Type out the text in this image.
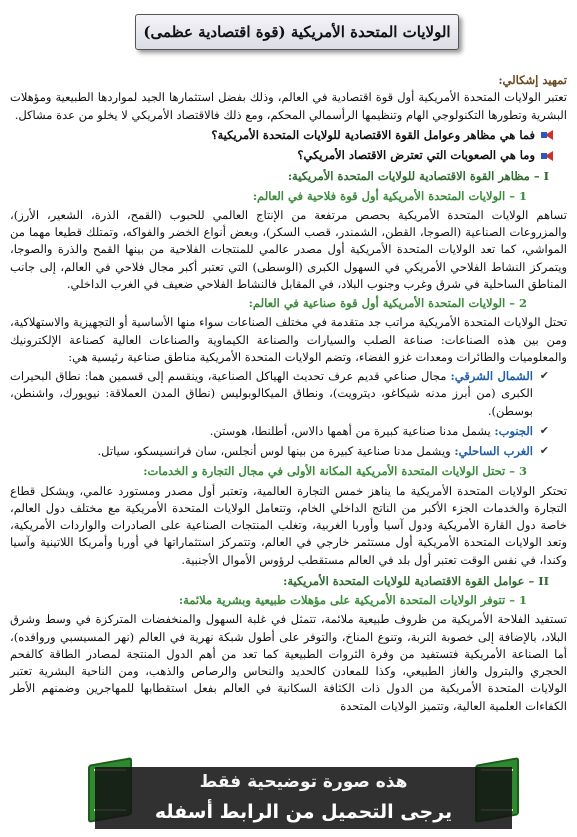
الولايات المتحدة الأمريكية (قوة اقتصادية عظمى)
تمهيد إشكالي:

تعتبر الولايات المتحدة الأمريكية أول قوة اقتصادية في العالم، وذلك بفضل استثمارها الجيد لمواردها الطبيعية ومؤهلات البشرية وتطورها التكنولوجي الهام وتنظيمها الرأسمالي المحكم، ومع ذلك فالاقتصاد الأمريكي لا يخلو من عدة مشاكل.

فما هي مظاهر وعوامل القوة الاقتصادية للولايات المتحدة الأمريكية؟
وما هي الصعوبات التي تعترض الاقتصاد الأمريكي؟
I – مظاهر القوة الاقتصادية للولايات المتحدة الأمريكية:
1 – الولايات المتحدة الأمريكية أول قوة فلاحية في العالم:

تساهم الولايات المتحدة الأمريكية بحصص مرتفعة من الإنتاج العالمي للحبوب (القمح، الذرة، الشعير، الأرز)، والمزروعات الصناعية (الصوجا، القطن، الشمندر، قصب السكر)، وبعض أنواع الخضر والفواكه، وتمتلك قطيعا مهما من المواشي، كما تعد الولايات المتحدة الأمريكية أول مصدر عالمي للمنتجات الفلاحية من بينها القمح والذرة والصوجا، ويتمركز النشاط الفلاحي الأمريكي في السهول الكبرى (الوسطى) التي تعتبر أكبر مجال فلاحي في العالم، إلى جانب المناطق الساحلية في شرق وغرب وجنوب البلاد، في المقابل فالنشاط الفلاحي ضعيف في الغرب الداخلي.

2 – الولايات المتحدة الأمريكية أول قوة صناعية في العالم:

تحتل الولايات المتحدة الأمريكية مراتب جد متقدمة في مختلف الصناعات سواء منها الأساسية أو التجهيزية والاستهلاكية، ومن بين هذه الصناعات: صناعة الصلب والسيارات والصناعة الكيماوية والصناعات العالية كصناعة الإلكترونيك والمعلوميات والطائرات ومعدات غزو الفضاء، وتضم الولايات المتحدة الأمريكية مناطق صناعية رئيسية هي:

✔
الشمال الشرقي: مجال صناعي قديم عرف تحديث الهياكل الصناعية، وينقسم إلى قسمين هما: نطاق البحيرات الكبرى (من أبرز مدنه شيكاغو، ديترويت)، ونطاق الميكالوبوليس (نطاق المدن العملاقة: نيويورك، واشنطن، بوسطن).
✔
الجنوب: يشمل مدنا صناعية كبيرة من أهمها دالاس، أطلنطا، هوستن.
✔
الغرب الساحلي: ويشمل مدنا صناعية كبيرة من بينها لوس أنجلس، سان فرانسيسكو، سياتل.
3 – تحتل الولايات المتحدة الأمريكية المكانة الأولى في مجال التجارة و الخدمات:

تحتكر الولايات المتحدة الأمريكية ما يناهز خمس التجارة العالمية، وتعتبر أول مصدر ومستورد عالمي، ويشكل قطاع التجارة والخدمات الجزء الأكبر من الناتج الداخلي الخام، وتتعامل الولايات المتحدة الأمريكية مع مختلف دول العالم، خاصة دول القارة الأمريكية ودول آسيا وأوربا الغربية، وتغلب المنتجات الصناعية على الصادرات والواردات الأمريكية، وتعد الولايات المتحدة الأمريكية أول مستثمر خارجي في العالم، وتتمركز استثماراتها في أوربا وأمريكا اللاتينية وآسيا وكندا، في نفس الوقت تعتبر أول بلد في العالم مستقطب لرؤوس الأموال الأجنبية.

II – عوامل القوة الاقتصادية للولايات المتحدة الأمريكية:
1 – تتوفر الولايات المتحدة الأمريكية على مؤهلات طبيعية وبشرية ملائمة:

تستفيد الفلاحة الأمريكية من ظروف طبيعية ملائمة، تتمثل في غلبة السهول والمنخفضات المتركزة في وسط وشرق البلاد، بالإضافة إلى خصوبة التربة، وتنوع المناخ، والتوفر على أطول شبكة نهرية في العالم (نهر المسيسبي وروافده)، أما الصناعة الأمريكية فتستفيد من وفرة الثروات الطبيعية كما تعد من أهم الدول المنتجة لمصادر الطاقة كالفحم الحجري والبترول والغاز الطبيعي، وكذا للمعادن كالحديد والنحاس والرصاص والذهب، ومن الناحية البشرية تعتبر الولايات المتحدة الأمريكية من الدول ذات الكثافة السكانية في العالم بفعل استقطابها للمهاجرين وضمنهم الأطر الكفاءات العلمية العالية، وتتميز الولايات المتحدة

هذه صورة توضيحية فقط
يرجى التحميل من الرابط أسفله
